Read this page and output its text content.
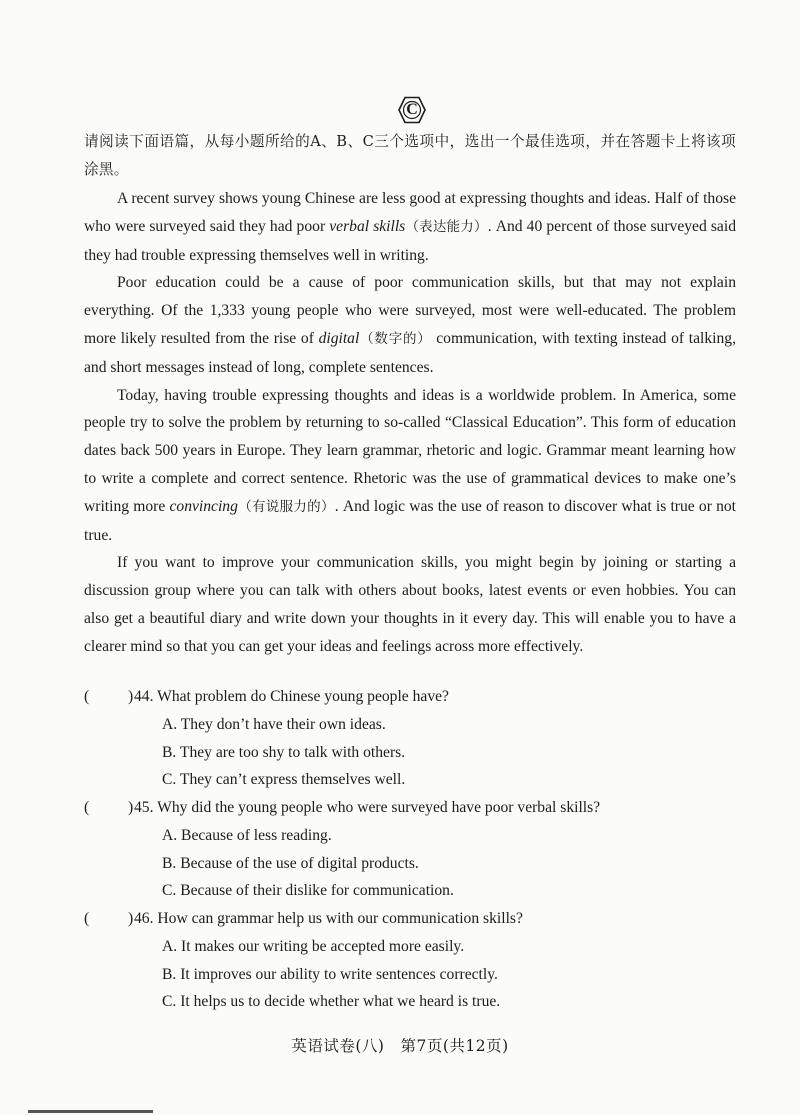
C
请阅读下面语篇，从每小题所给的A、B、C三个选项中，选出一个最佳选项，并在答题卡上将该项涂黑。

A recent survey shows young Chinese are less good at expressing thoughts and ideas. Half of those who were surveyed said they had poor verbal skills（表达能力）. And 40 percent of those surveyed said they had trouble expressing themselves well in writing.

Poor education could be a cause of poor communication skills, but that may not explain everything. Of the 1,333 young people who were surveyed, most were well-educated. The problem more likely resulted from the rise of digital（数字的） communication, with texting instead of talking, and short messages instead of long, complete sentences.

Today, having trouble expressing thoughts and ideas is a worldwide problem. In America, some people try to solve the problem by returning to so-called “Classical Education”. This form of education dates back 500 years in Europe. They learn grammar, rhetoric and logic. Grammar meant learning how to write a complete and correct sentence. Rhetoric was the use of grammatical devices to make one’s writing more convincing（有说服力的）. And logic was the use of reason to discover what is true or not true.

If you want to improve your communication skills, you might begin by joining or starting a discussion group where you can talk with others about books, latest events or even hobbies. You can also get a beautiful diary and write down your thoughts in it every day. This will enable you to have a clearer mind so that you can get your ideas and feelings across more effectively.

( ) 44. What problem do Chinese young people have?
A. They don’t have their own ideas.
B. They are too shy to talk with others.
C. They can’t express themselves well.
( ) 45. Why did the young people who were surveyed have poor verbal skills?
A. Because of less reading.
B. Because of the use of digital products.
C. Because of their dislike for communication.
( ) 46. How can grammar help us with our communication skills?
A. It makes our writing be accepted more easily.
B. It improves our ability to write sentences correctly.
C. It helps us to decide whether what we heard is true.
英语试卷(八)　第7页(共12页)
